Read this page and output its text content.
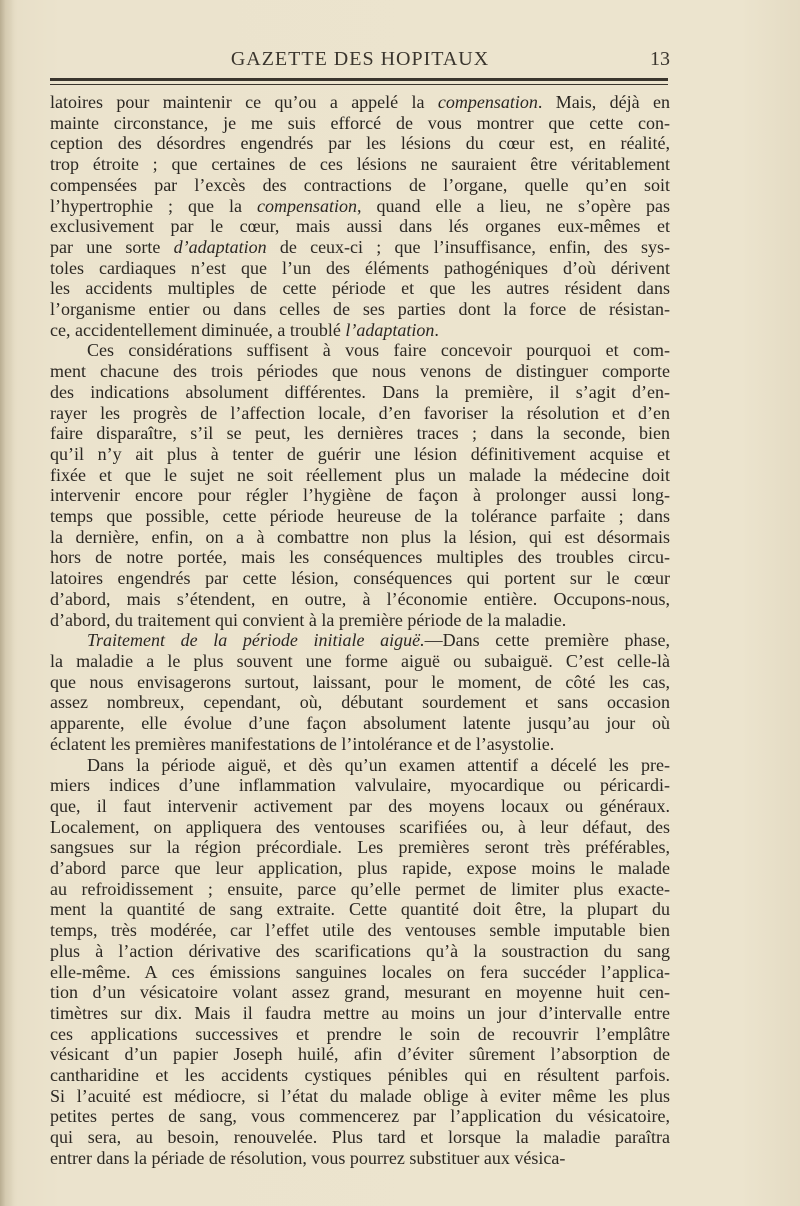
GAZETTE DES HOPITAUX	13
latoires pour maintenir ce qu’ou a appelé la compensation. Mais, déjà en
mainte circonstance, je me suis efforcé de vous montrer que cette con-
ception des désordres engendrés par les lésions du cœur est, en réalité,
trop étroite ; que certaines de ces lésions ne sauraient être véritablement
compensées par l’excès des contractions de l’organe, quelle qu’en soit
l’hypertrophie ; que la compensation, quand elle a lieu, ne s’opère pas
exclusivement par le cœur, mais aussi dans lés organes eux-mêmes et
par une sorte d’adaptation de ceux-ci ; que l’insuffisance, enfin, des sys-
toles cardiaques n’est que l’un des éléments pathogéniques d’où dérivent
les accidents multiples de cette période et que les autres résident dans
l’organisme entier ou dans celles de ses parties dont la force de résistan-
ce, accidentellement diminuée, a troublé l’adaptation.
Ces considérations suffisent à vous faire concevoir pourquoi et com-
ment chacune des trois périodes que nous venons de distinguer comporte
des indications absolument différentes. Dans la première, il s’agit d’en-
rayer les progrès de l’affection locale, d’en favoriser la résolution et d’en
faire disparaître, s’il se peut, les dernières traces ; dans la seconde, bien
qu’il n’y ait plus à tenter de guérir une lésion définitivement acquise et
fixée et que le sujet ne soit réellement plus un malade la médecine doit
intervenir encore pour régler l’hygiène de façon à prolonger aussi long-
temps que possible, cette période heureuse de la tolérance parfaite ; dans
la dernière, enfin, on a à combattre non plus la lésion, qui est désormais
hors de notre portée, mais les conséquences multiples des troubles circu-
latoires engendrés par cette lésion, conséquences qui portent sur le cœur
d’abord, mais s’étendent, en outre, à l’économie entière. Occupons-nous,
d’abord, du traitement qui convient à la première période de la maladie.
Traitement de la période initiale aiguë.—Dans cette première phase,
la maladie a le plus souvent une forme aiguë ou subaiguë. C’est celle-là
que nous envisagerons surtout, laissant, pour le moment, de côté les cas,
assez nombreux, cependant, où, débutant sourdement et sans occasion
apparente, elle évolue d’une façon absolument latente jusqu’au jour où
éclatent les premières manifestations de l’intolérance et de l’asystolie.
Dans la période aiguë, et dès qu’un examen attentif a décelé les pre-
miers indices d’une inflammation valvulaire, myocardique ou péricardi-
que, il faut intervenir activement par des moyens locaux ou généraux.
Localement, on appliquera des ventouses scarifiées ou, à leur défaut, des
sangsues sur la région précordiale. Les premières seront très préférables,
d’abord parce que leur application, plus rapide, expose moins le malade
au refroidissement ; ensuite, parce qu’elle permet de limiter plus exacte-
ment la quantité de sang extraite. Cette quantité doit être, la plupart du
temps, très modérée, car l’effet utile des ventouses semble imputable bien
plus à l’action dérivative des scarifications qu’à la soustraction du sang
elle-même. A ces émissions sanguines locales on fera succéder l’applica-
tion d’un vésicatoire volant assez grand, mesurant en moyenne huit cen-
timètres sur dix. Mais il faudra mettre au moins un jour d’intervalle entre
ces applications successives et prendre le soin de recouvrir l’emplâtre
vésicant d’un papier Joseph huilé, afin d’éviter sûrement l’absorption de
cantharidine et les accidents cystiques pénibles qui en résultent parfois.
Si l’acuité est médiocre, si l’état du malade oblige à eviter même les plus
petites pertes de sang, vous commencerez par l’application du vésicatoire,
qui sera, au besoin, renouvelée. Plus tard et lorsque la maladie paraîtra
entrer dans la périade de résolution, vous pourrez substituer aux vésica-
